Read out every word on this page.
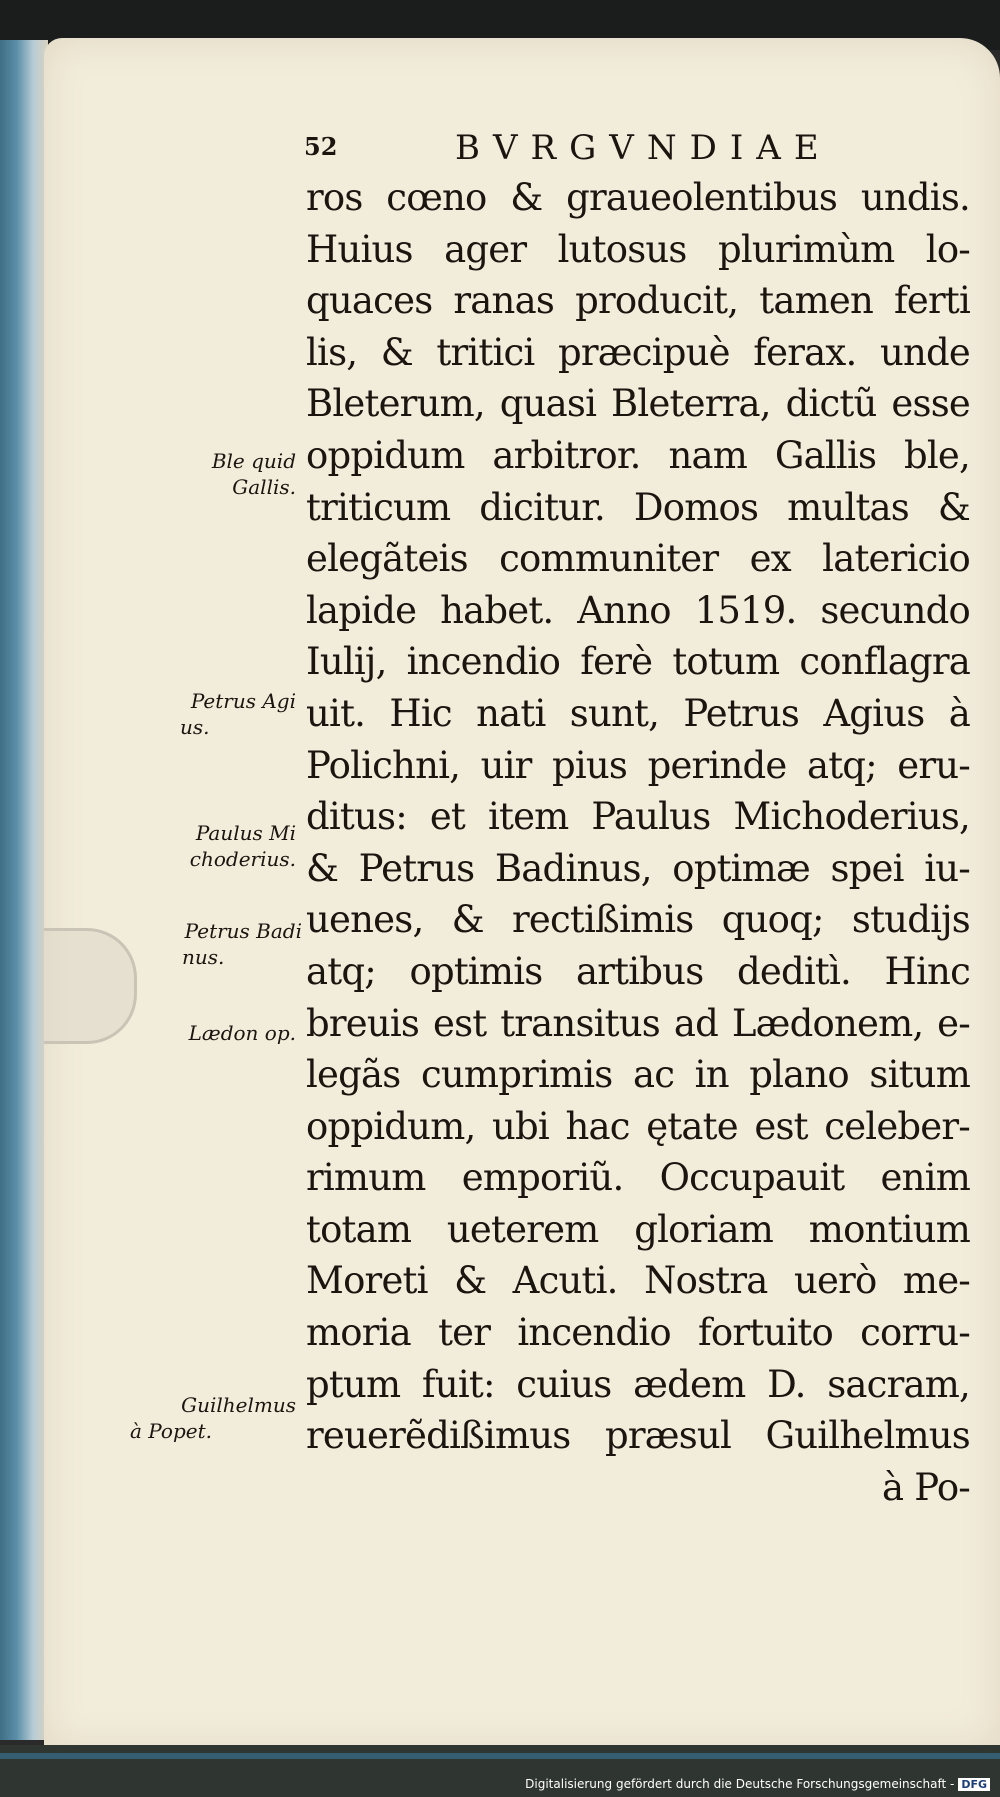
52	BVRGVNDIAE
ros cœno & graueolentibus undis.
Huius ager lutosus plurimùm lo-
quaces ranas producit, tamen ferti
lis, & tritici præcipuè ferax. unde
Bleterum, quasi Bleterra, dictũ esse
oppidum arbitror. nam Gallis ble,
triticum dicitur. Domos multas &
elegãteis communiter ex latericio
lapide habet. Anno 1519. secundo
Iulij, incendio ferè totum conflagra
uit. Hic nati sunt, Petrus Agius à
Polichni, uir pius perinde atq; eru-
ditus: et item Paulus Michoderius,
& Petrus Badinus, optimæ spei iu-
uenes, & rectißimis quoq; studijs
atq; optimis artibus deditì. Hinc
breuis est transitus ad Lædonem, e-
legãs cumprimis ac in plano situm
oppidum, ubi hac ętate est celeber-
rimum emporiũ. Occupauit enim
totam ueterem gloriam montium
Moreti & Acuti. Nostra uerò me-
moria ter incendio fortuito corru-
ptum fuit: cuius ædem D. sacram,
reuerẽdißimus præsul Guilhelmus
à Po-
Ble quid
Gallis.
Petrus Agi
us.
Paulus Mi
choderius.
Petrus Badi
nus.
Lædon op.
Guilhelmus
à Popet.
Digitalisierung gefördert durch die Deutsche Forschungsgemeinschaft - DFG
